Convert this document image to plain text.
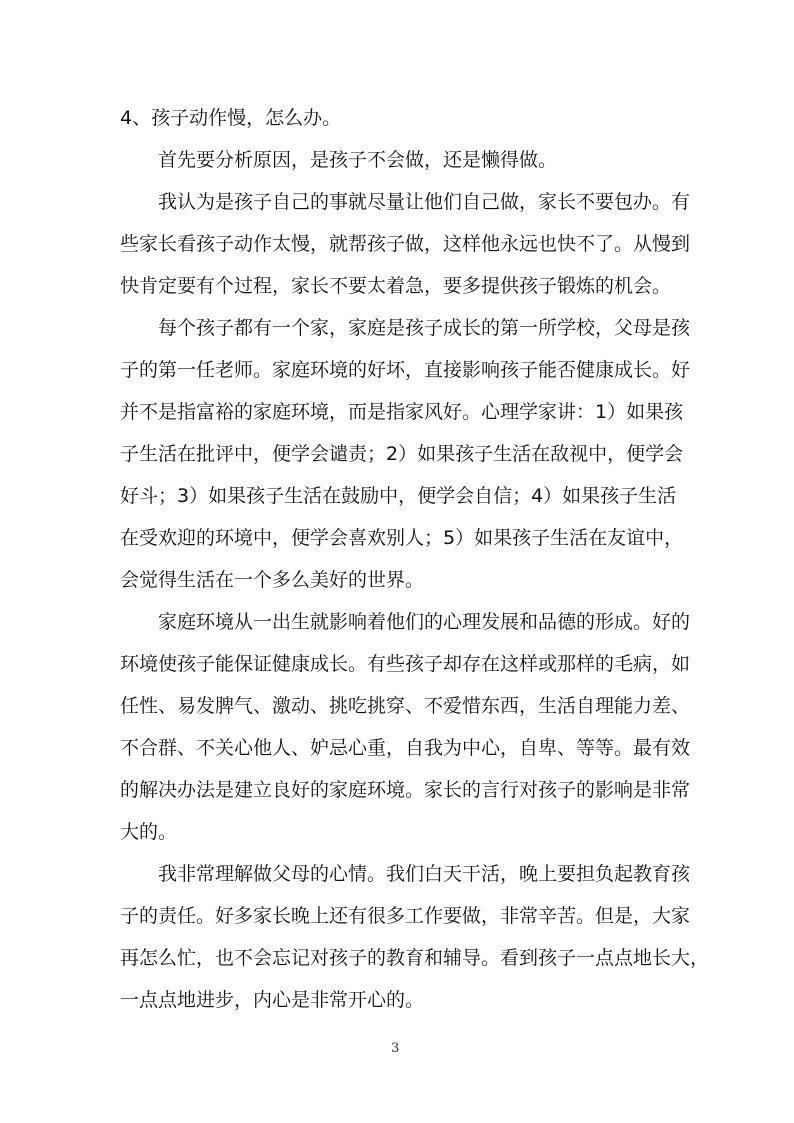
4、孩子动作慢，怎么办。
首先要分析原因，是孩子不会做，还是懒得做。
我认为是孩子自己的事就尽量让他们自己做，家长不要包办。有
些家长看孩子动作太慢，就帮孩子做，这样他永远也快不了。从慢到
快肯定要有个过程，家长不要太着急，要多提供孩子锻炼的机会。
每个孩子都有一个家，家庭是孩子成长的第一所学校，父母是孩
子的第一任老师。家庭环境的好坏，直接影响孩子能否健康成长。好
并不是指富裕的家庭环境，而是指家风好。心理学家讲：1）如果孩
子生活在批评中，便学会谴责；2）如果孩子生活在敌视中，便学会
好斗；3）如果孩子生活在鼓励中，便学会自信；4）如果孩子生活
在受欢迎的环境中，便学会喜欢别人；5）如果孩子生活在友谊中，
会觉得生活在一个多么美好的世界。
家庭环境从一出生就影响着他们的心理发展和品德的形成。好的
环境使孩子能保证健康成长。有些孩子却存在这样或那样的毛病，如
任性、易发脾气、激动、挑吃挑穿、不爱惜东西，生活自理能力差、
不合群、不关心他人、妒忌心重，自我为中心，自卑、等等。最有效
的解决办法是建立良好的家庭环境。家长的言行对孩子的影响是非常
大的。
我非常理解做父母的心情。我们白天干活，晚上要担负起教育孩
子的责任。好多家长晚上还有很多工作要做，非常辛苦。但是，大家
再怎么忙，也不会忘记对孩子的教育和辅导。看到孩子一点点地长大，
一点点地进步，内心是非常开心的。
3
